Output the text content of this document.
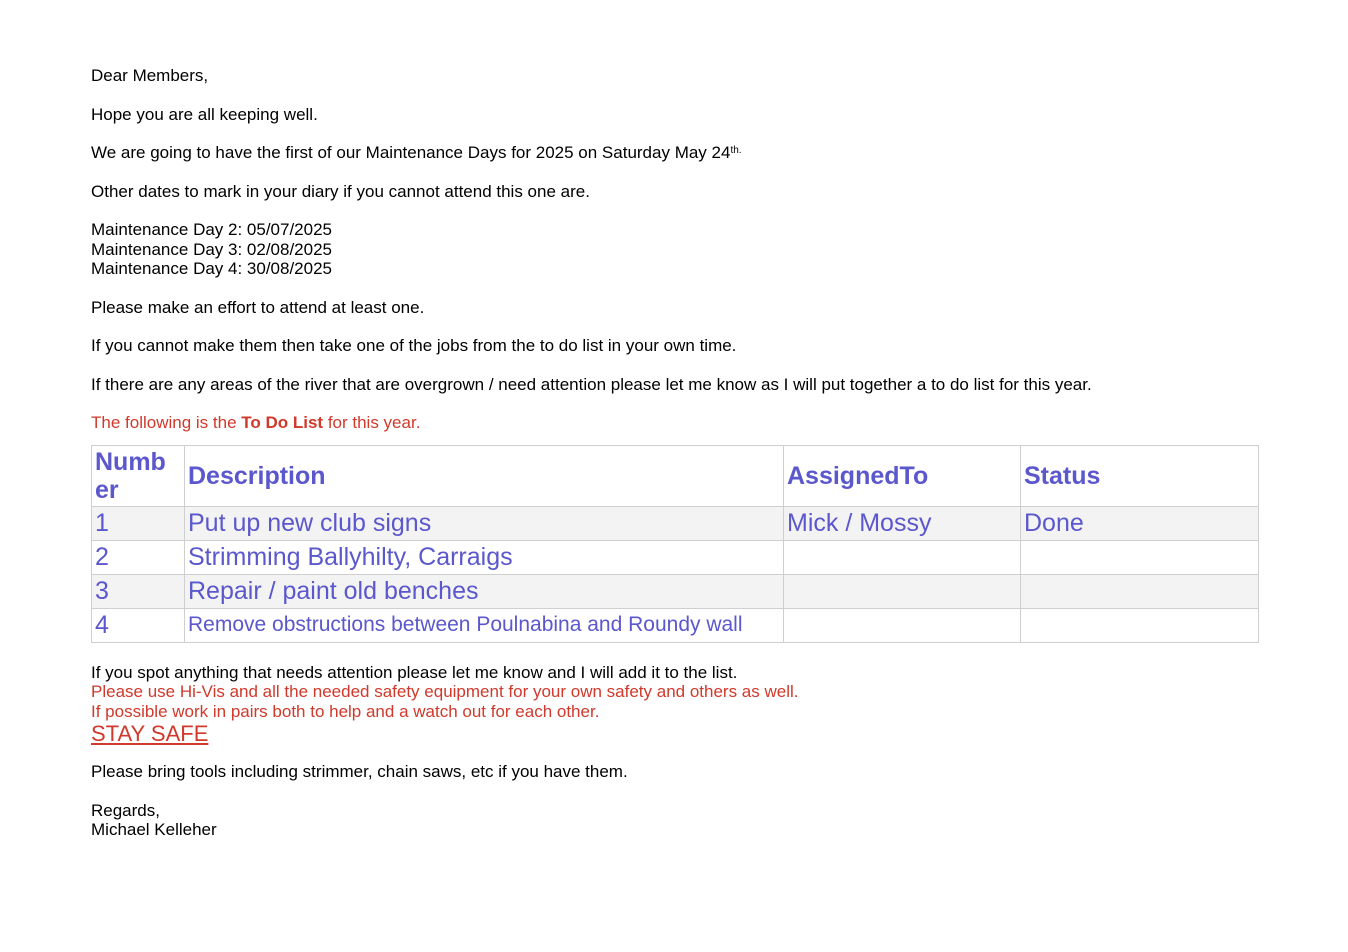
Dear Members,

Hope you are all keeping well.

We are going to have the first of our Maintenance Days for 2025 on Saturday May $24^{th.}$

Other dates to mark in your diary if you cannot attend this one are.

Maintenance Day 2: 05/07/2025
Maintenance Day 3: 02/08/2025
Maintenance Day 4: 30/08/2025

Please make an effort to attend at least one.

If you cannot make them then take one of the jobs from the to do list in your own time.

If there are any areas of the river that are overgrown / need attention please let me know as I will put together a to do list for this year.

The following is the To Do List for this year.

Numb er	Description	AssignedTo	Status
1	Put up new club signs	Mick / Mossy	Done
2	Strimming Ballyhilty, Carraigs		
3	Repair / paint old benches		
4	Remove obstructions between Poulnabina and Roundy wall		
If you spot anything that needs attention please let me know and I will add it to the list.
Please use Hi-Vis and all the needed safety equipment for your own safety and others as well.
If possible work in pairs both to help and a watch out for each other.
STAY SAFE

Please bring tools including strimmer, chain saws, etc if you have them.

Regards,
Michael Kelleher
